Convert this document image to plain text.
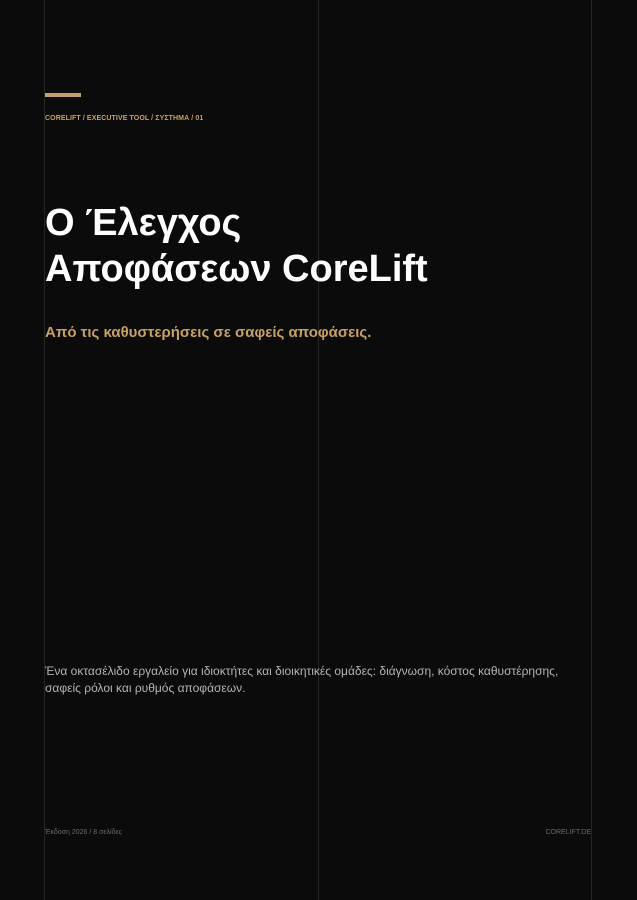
CORELIFT / EXECUTIVE TOOL / ΣΥΣΤΗΜΑ / 01
Ο Έλεγχος
Αποφάσεων CoreLift

Από τις καθυστερήσεις σε σαφείς αποφάσεις.

Ένα οκτασέλιδο εργαλείο για ιδιοκτήτες και διοικητικές ομάδες: διάγνωση, κόστος καθυστέρησης, σαφείς ρόλοι και ρυθμός αποφάσεων.

Έκδοση 2026 / 8 σελίδες	CORELIFT.DE
